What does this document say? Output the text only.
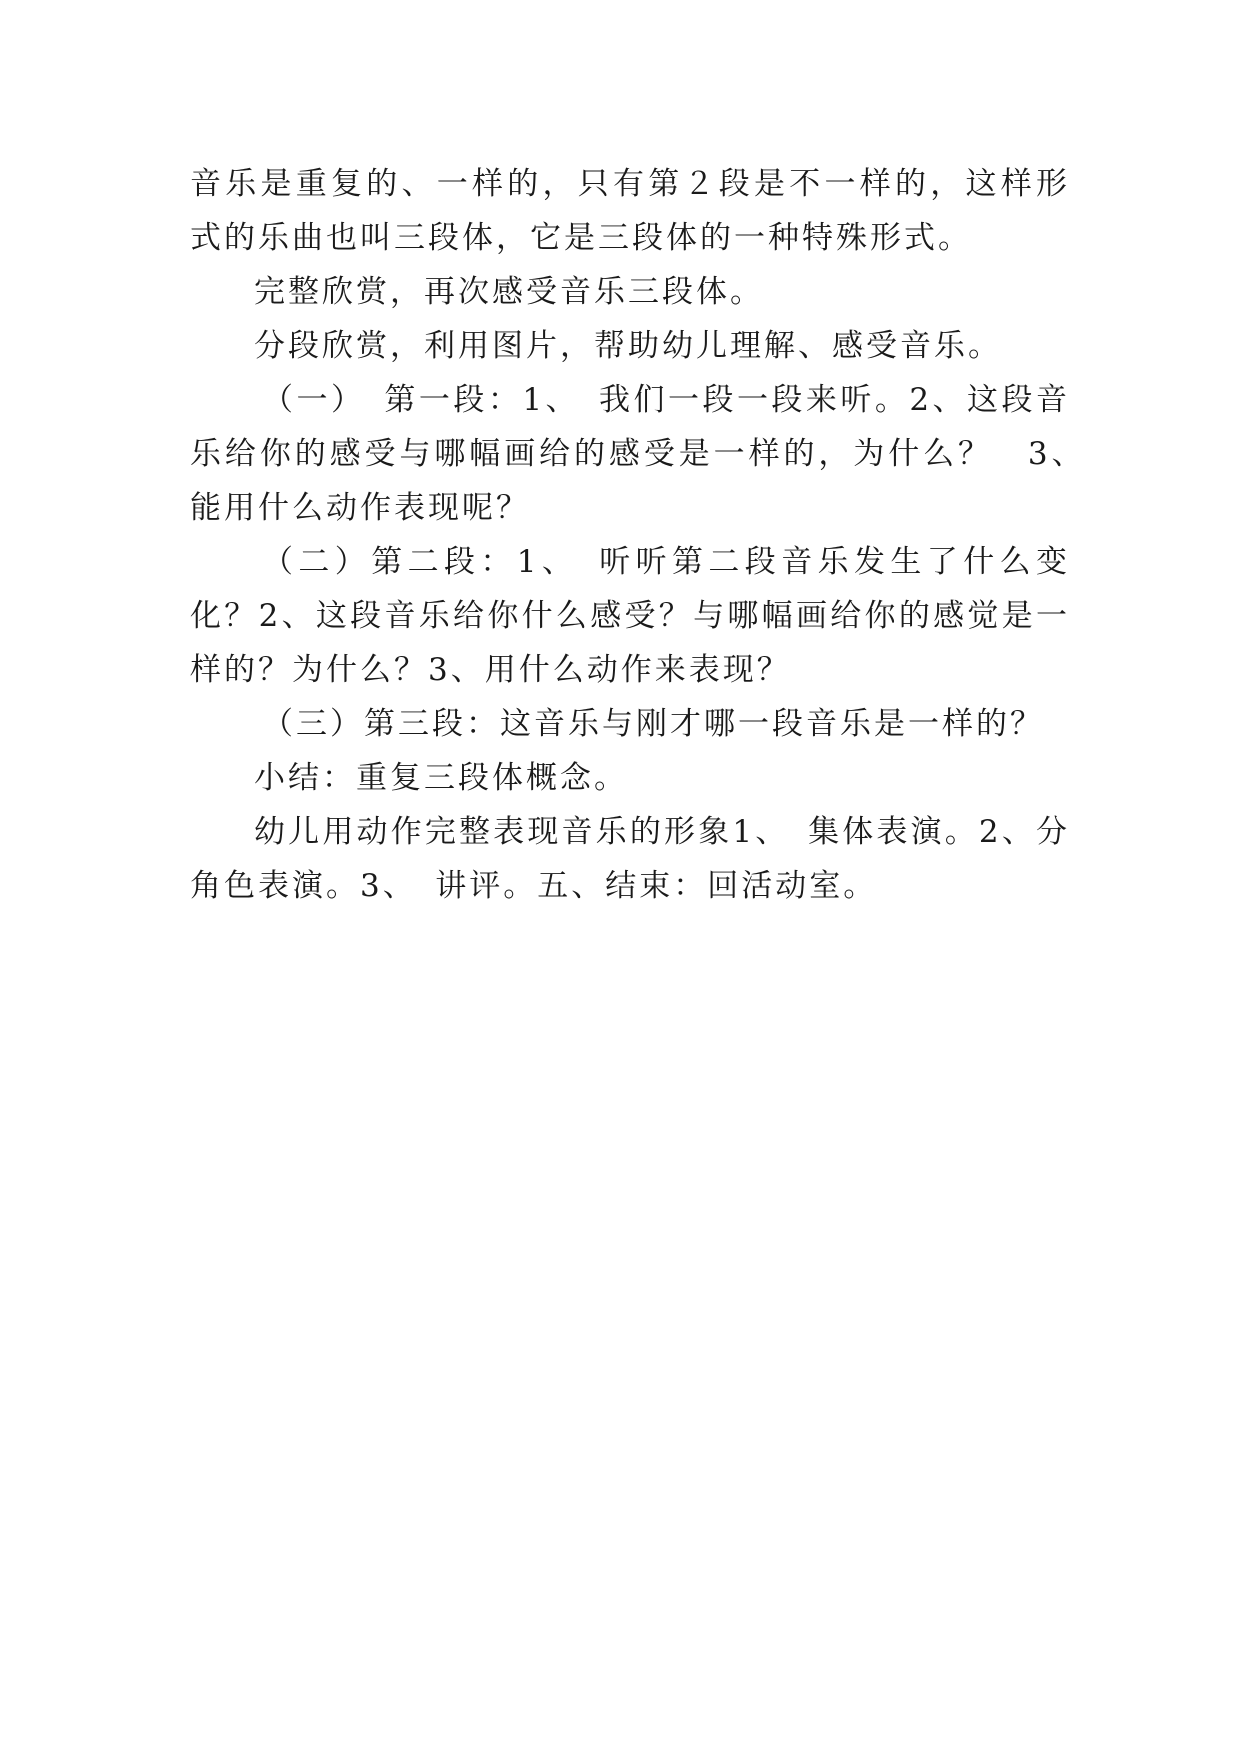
音乐是重复的、一样的，只有第２段是不一样的，这样形式的乐曲也叫三段体，它是三段体的一种特殊形式。

完整欣赏，再次感受音乐三段体。

分段欣赏，利用图片，帮助幼儿理解、感受音乐。

（一）　第一段：1、　我们一段一段来听。2、这段音乐给你的感受与哪幅画给的感受是一样的，为什么？　3、　能用什么动作表现呢？

（二）第二段：1、　听听第二段音乐发生了什么变化？2、这段音乐给你什么感受？与哪幅画给你的感觉是一样的？为什么？3、用什么动作来表现？

（三）第三段：这音乐与刚才哪一段音乐是一样的？

小结：重复三段体概念。

幼儿用动作完整表现音乐的形象1、　集体表演。2、分角色表演。3、　讲评。五、结束：回活动室。
